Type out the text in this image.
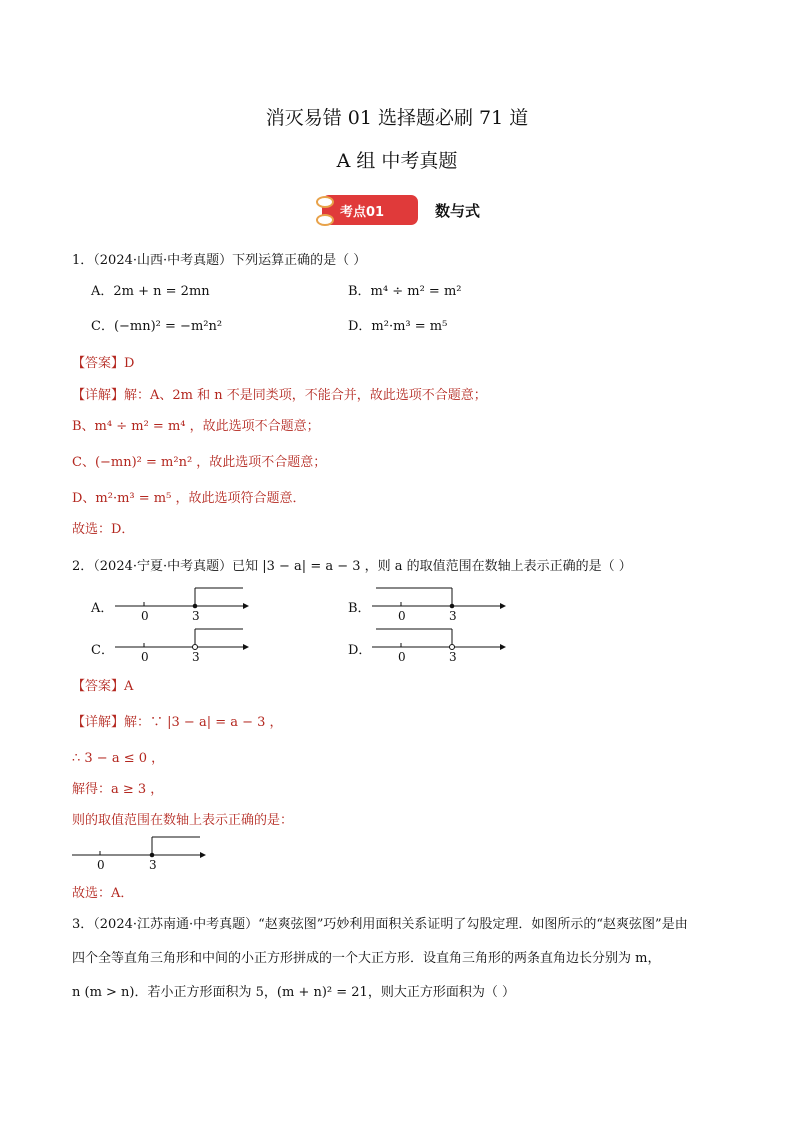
消灭易错 01 选择题必刷 71 道
A 组 中考真题
考点01	数与式
1．（2024·山西·中考真题）下列运算正确的是（ ）
A．2m + n = 2mn	B．m⁴ ÷ m² = m²
C．(−mn)² = −m²n²	D．m²·m³ = m⁵
【答案】D
【详解】解：A、2m 和 n 不是同类项，不能合并，故此选项不合题意；
B、m⁴ ÷ m² = m⁴ ，故此选项不合题意；
C、(−mn)² = m²n² ，故此选项不合题意；
D、m²·m³ = m⁵ ，故此选项符合题意．
故选：D．
2．（2024·宁夏·中考真题）已知 |3 − a| = a − 3 ，则 a 的取值范围在数轴上表示正确的是（ ）
A． 0	3	B． 0	3
C． 0	3	D． 0	3
【答案】A
【详解】解：∵ |3 − a| = a − 3 ，
∴ 3 − a ≤ 0 ，
解得：a ≥ 3 ，
则的取值范围在数轴上表示正确的是：
0	3
故选：A．
3．（2024·江苏南通·中考真题）“赵爽弦图”巧妙利用面积关系证明了勾股定理．如图所示的“赵爽弦图”是由
四个全等直角三角形和中间的小正方形拼成的一个大正方形．设直角三角形的两条直角边长分别为 m，
n (m > n)．若小正方形面积为 5，(m + n)² = 21，则大正方形面积为（ ）
